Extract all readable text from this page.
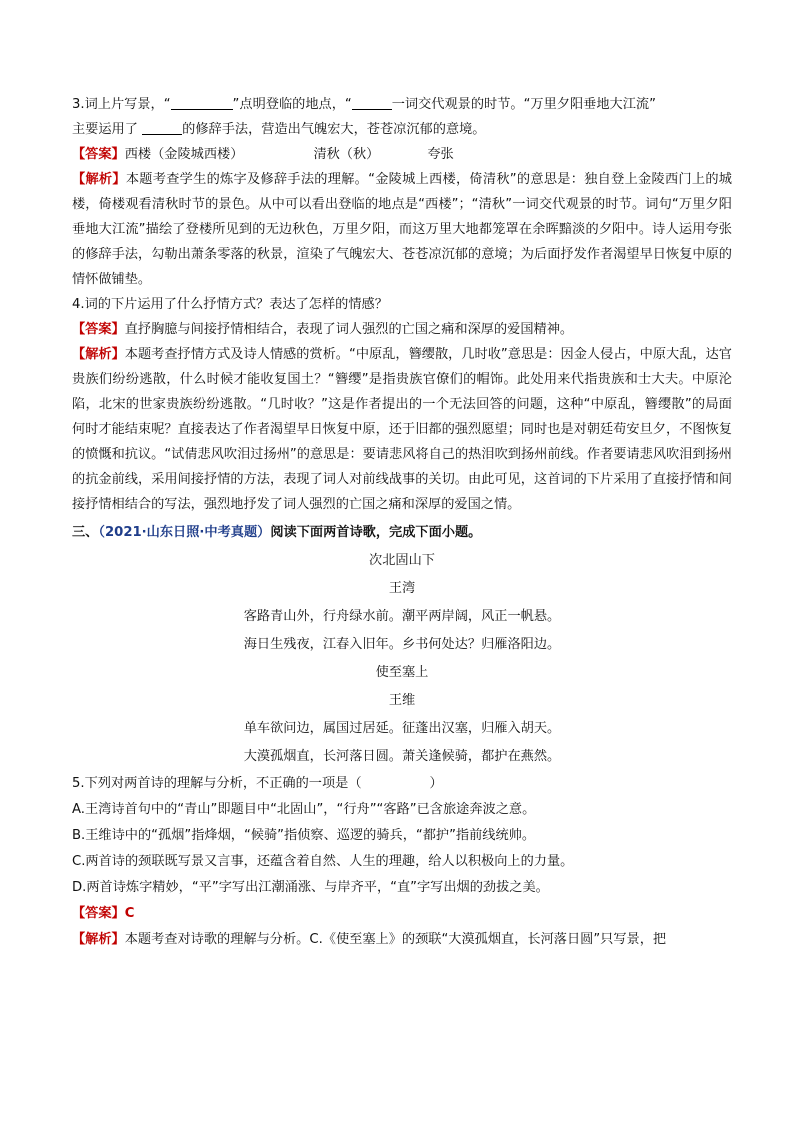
3.词上片写景，“	”点明登临的地点，“	一词交代观景的时节。“万里夕阳垂地大江流”
主要运用了	的修辞手法，营造出气魄宏大，苍苍凉沉郁的意境。

【答案】西楼（金陵城西楼）	清秋（秋）	夸张

【解析】本题考查学生的炼字及修辞手法的理解。“金陵城上西楼，倚清秋”的意思是：独自登上金陵西门上的城楼，倚楼观看清秋时节的景色。从中可以看出登临的地点是“西楼”；“清秋”一词交代观景的时节。词句“万里夕阳垂地大江流”描绘了登楼所见到的无边秋色，万里夕阳，而这万里大地都笼罩在余晖黯淡的夕阳中。诗人运用夸张的修辞手法，勾勒出萧条零落的秋景，渲染了气魄宏大、苍苍凉沉郁的意境；为后面抒发作者渴望早日恢复中原的情怀做铺垫。

4.词的下片运用了什么抒情方式？表达了怎样的情感？

【答案】直抒胸臆与间接抒情相结合，表现了词人强烈的亡国之痛和深厚的爱国精神。

【解析】本题考查抒情方式及诗人情感的赏析。“中原乱，簪缨散，几时收”意思是：因金人侵占，中原大乱，达官贵族们纷纷逃散，什么时候才能收复国土？“簪缨”是指贵族官僚们的帽饰。此处用来代指贵族和士大夫。中原沦陷，北宋的世家贵族纷纷逃散。“几时收？”这是作者提出的一个无法回答的问题，这种“中原乱，簪缨散”的局面何时才能结束呢？直接表达了作者渴望早日恢复中原，还于旧都的强烈愿望；同时也是对朝廷苟安旦夕，不图恢复的愤慨和抗议。“试倩悲风吹泪过扬州”的意思是：要请悲风将自己的热泪吹到扬州前线。作者要请悲风吹泪到扬州的抗金前线，采用间接抒情的方法，表现了词人对前线战事的关切。由此可见，这首词的下片采用了直接抒情和间接抒情相结合的写法，强烈地抒发了词人强烈的亡国之痛和深厚的爱国之情。

三、（2021·山东日照·中考真题）阅读下面两首诗歌，完成下面小题。

次北固山下

王湾

客路青山外，行舟绿水前。潮平两岸阔，风正一帆悬。

海日生残夜，江春入旧年。乡书何处达？归雁洛阳边。

使至塞上

王维

单车欲问边，属国过居延。征蓬出汉塞，归雁入胡天。

大漠孤烟直，长河落日圆。萧关逢候骑，都护在燕然。

5.下列对两首诗的理解与分析，不正确的一项是（	）

A.王湾诗首句中的“青山”即题目中“北固山”，“行舟”“客路”已含旅途奔波之意。

B.王维诗中的“孤烟”指烽烟，“候骑”指侦察、巡逻的骑兵，“都护”指前线统帅。

C.两首诗的颈联既写景又言事，还蕴含着自然、人生的理趣，给人以积极向上的力量。

D.两首诗炼字精妙，“平”字写出江潮涌涨、与岸齐平，“直”字写出烟的劲拔之美。

【答案】C

【解析】本题考查对诗歌的理解与分析。C.《使至塞上》的颈联“大漠孤烟直，长河落日圆”只写景，把
